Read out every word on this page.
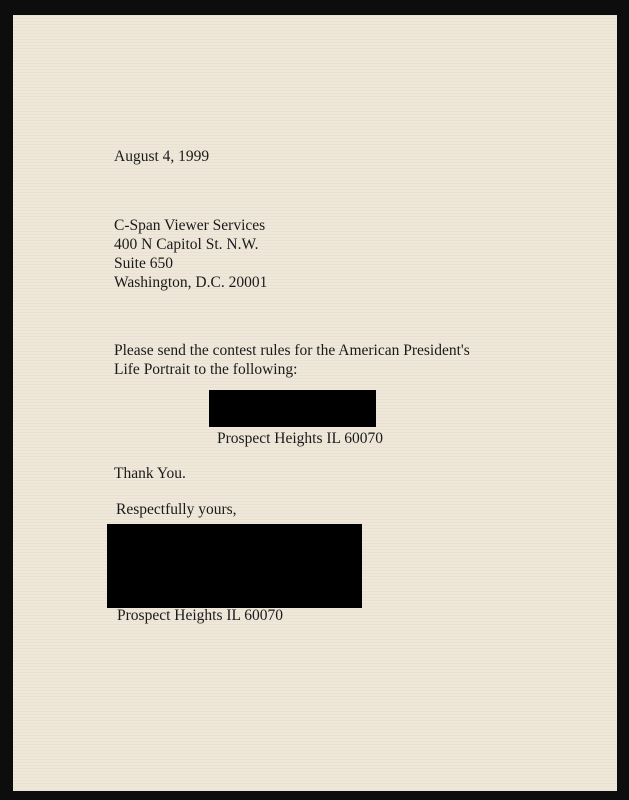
August 4, 1999

C-Span Viewer Services
400 N Capitol St. N.W.
Suite 650
Washington, D.C. 20001
Please send the contest rules for the American President's
Life Portrait to the following:

Prospect Heights IL 60070

Thank You.

Respectfully yours,

Prospect Heights IL 60070
